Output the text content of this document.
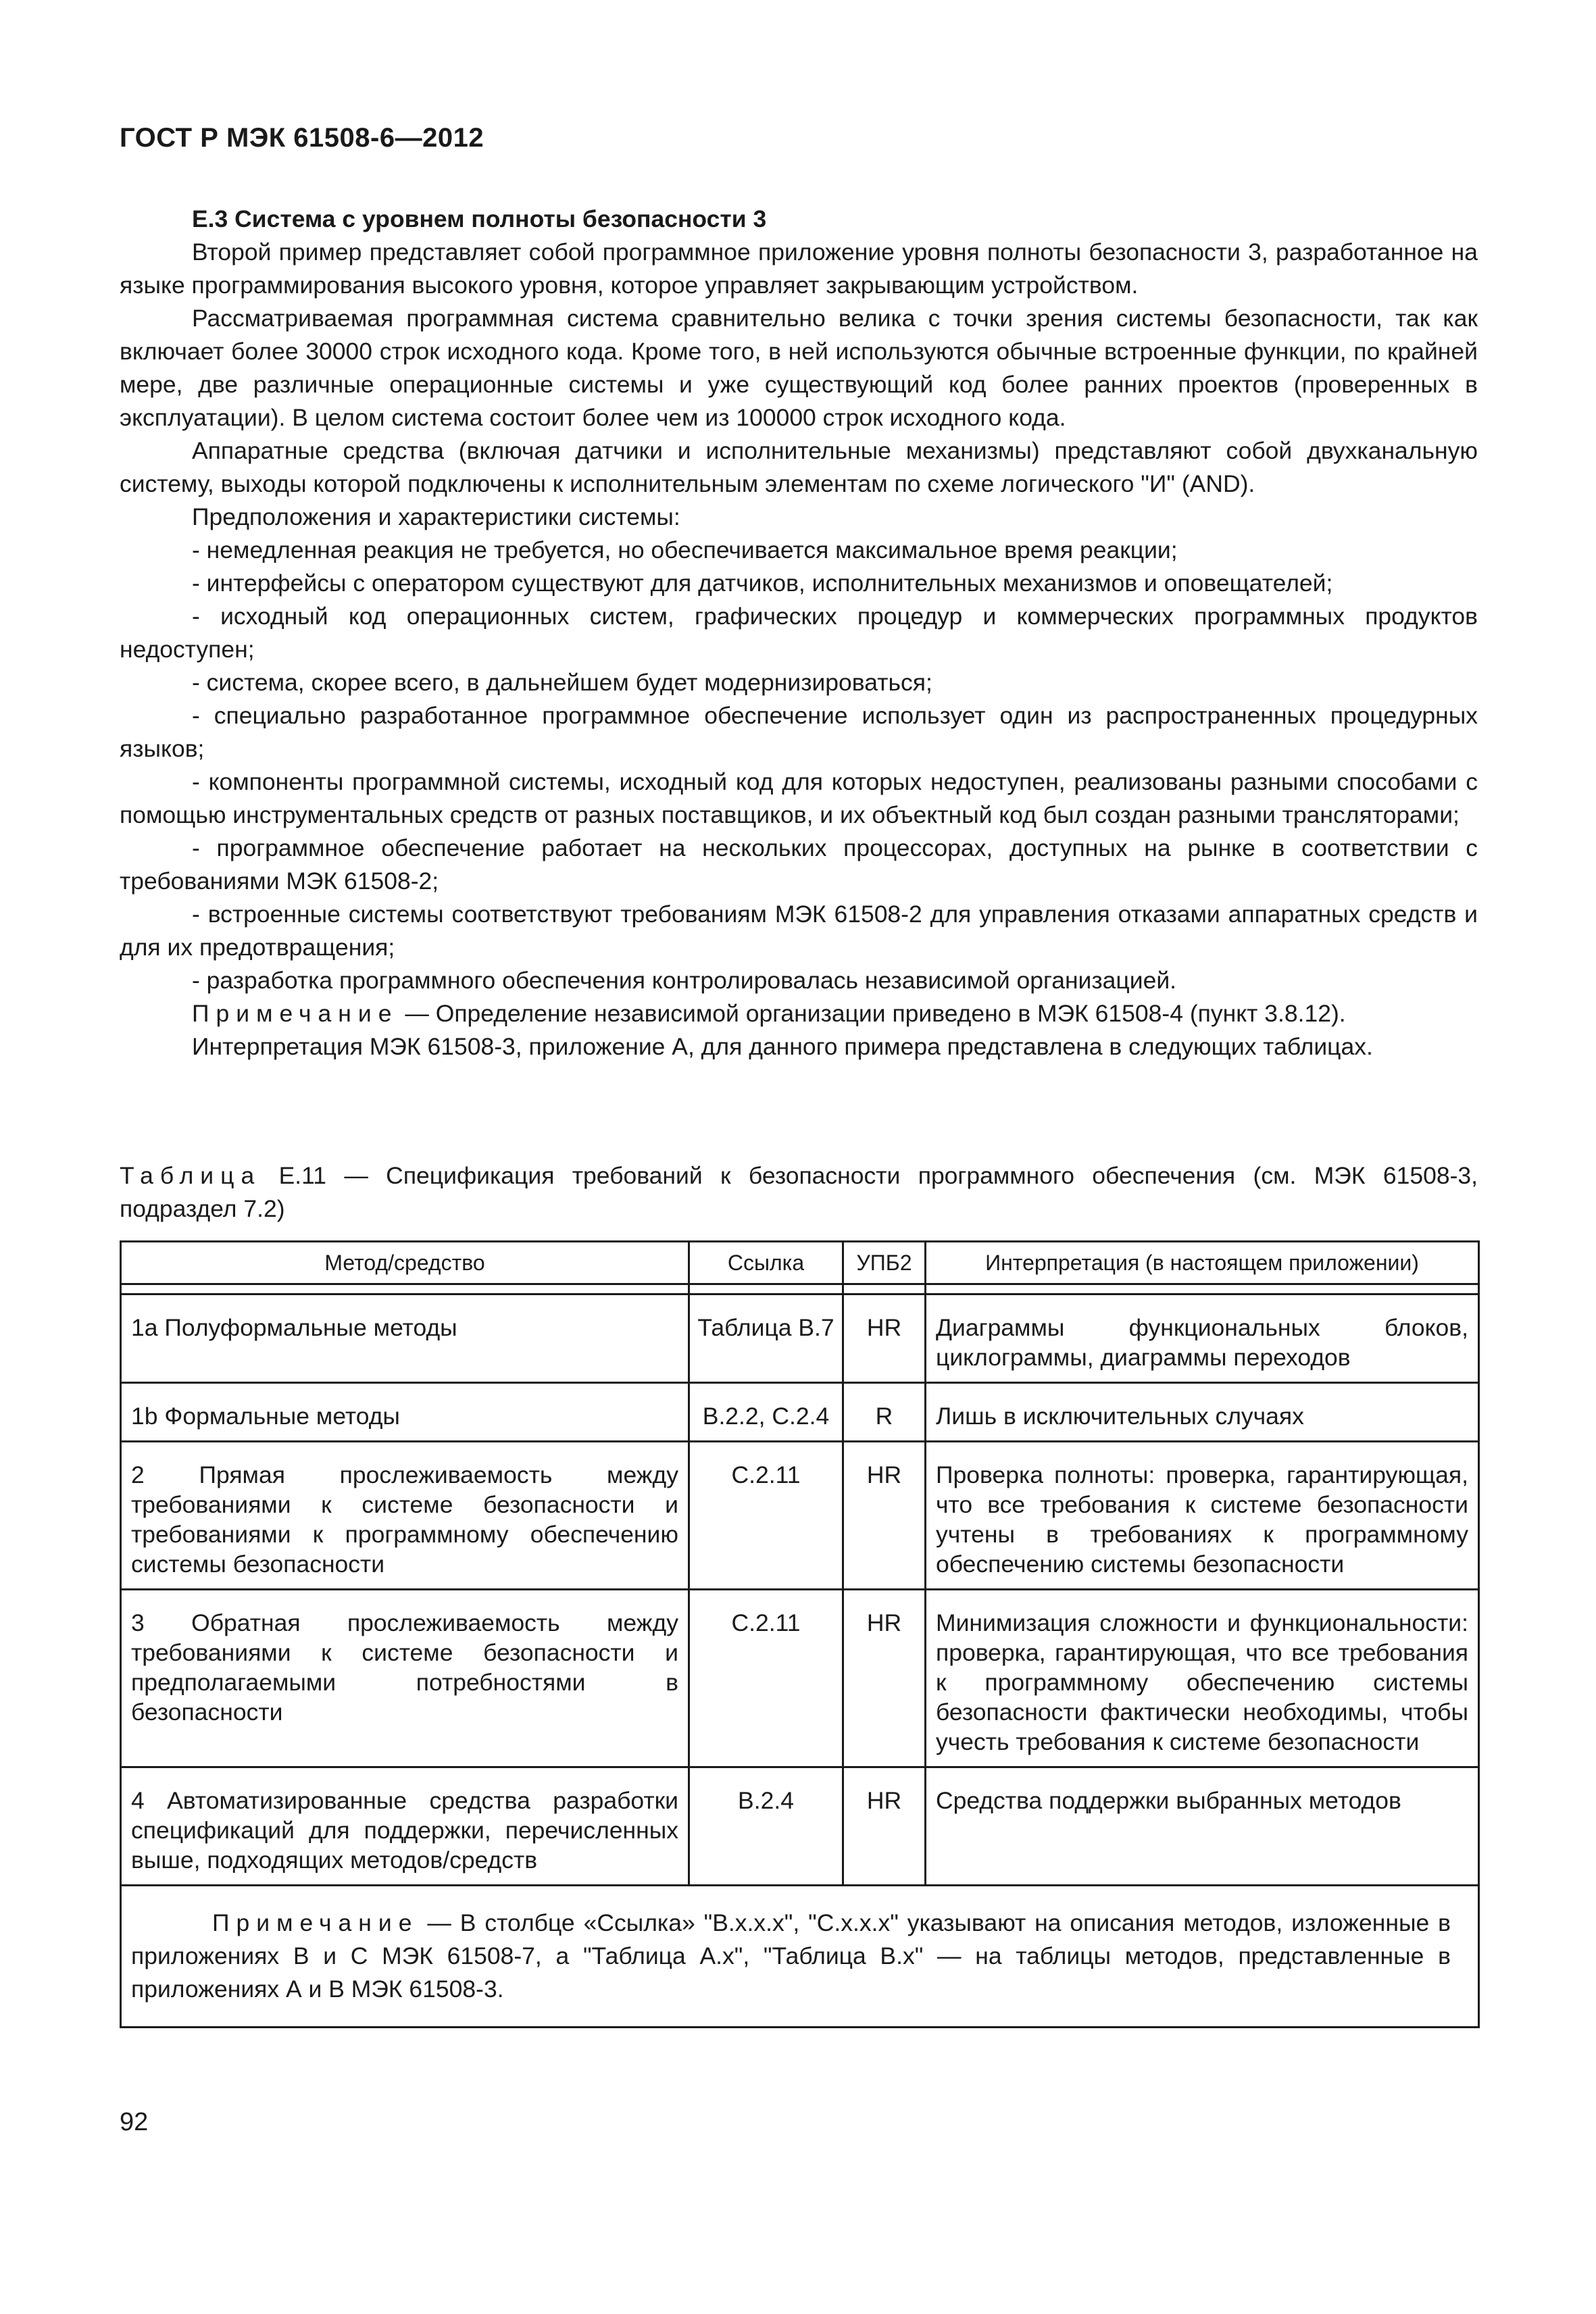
ГОСТ Р МЭК 61508-6—2012

Е.3 Система с уровнем полноты безопасности 3

Второй пример представляет собой программное приложение уровня полноты безопасности 3, разработанное на языке программирования высокого уровня, которое управляет закрывающим устройством.

Рассматриваемая программная система сравнительно велика с точки зрения системы безопасности, так как включает более 30000 строк исходного кода. Кроме того, в ней используются обычные встроенные функции, по крайней мере, две различные операционные системы и уже существующий код более ранних проектов (проверенных в эксплуатации). В целом система состоит более чем из 100000 строк исходного кода.

Аппаратные средства (включая датчики и исполнительные механизмы) представляют собой двухканальную систему, выходы которой подключены к исполнительным элементам по схеме логического "И" (AND).

Предположения и характеристики системы:

- немедленная реакция не требуется, но обеспечивается максимальное время реакции;

- интерфейсы с оператором существуют для датчиков, исполнительных механизмов и оповещателей;

- исходный код операционных систем, графических процедур и коммерческих программных продуктов недоступен;

- система, скорее всего, в дальнейшем будет модернизироваться;

- специально разработанное программное обеспечение использует один из распространенных процедурных языков;

- компоненты программной системы, исходный код для которых недоступен, реализованы разными способами с помощью инструментальных средств от разных поставщиков, и их объектный код был создан разными трансляторами;

- программное обеспечение работает на нескольких процессорах, доступных на рынке в соответствии с требованиями МЭК 61508-2;

- встроенные системы соответствуют требованиям МЭК 61508-2 для управления отказами аппаратных средств и для их предотвращения;

- разработка программного обеспечения контролировалась независимой организацией.

Примечание — Определение независимой организации приведено в МЭК 61508-4 (пункт 3.8.12).

Интерпретация МЭК 61508-3, приложение А, для данного примера представлена в следующих таблицах.

Таблица Е.11 — Спецификация требований к безопасности программного обеспечения (см. МЭК 61508-3, подраздел 7.2)
Метод/средство	Ссылка	УПБ2	Интерпретация (в настоящем приложении)

1а Полуформальные методы	Таблица В.7	HR	Диаграммы функциональных блоков, циклограммы, диаграммы переходов
1b Формальные методы	В.2.2, С.2.4	R	Лишь в исключительных случаях
2 Прямая прослеживаемость между требованиями к системе безопасности и требованиями к программному обеспечению системы безопасности	С.2.11	HR	Проверка полноты: проверка, гарантирующая, что все требования к системе безопасности учтены в требованиях к программному обеспечению системы безопасности
3 Обратная прослеживаемость между требованиями к системе безопасности и предполагаемыми потребностями в безопасности	С.2.11	HR	Минимизация сложности и функциональности: проверка, гарантирующая, что все требования к программному обеспечению системы безопасности фактически необходимы, чтобы учесть требования к системе безопасности
4 Автоматизированные средства разработки спецификаций для поддержки, перечисленных выше, подходящих методов/средств	В.2.4	HR	Средства поддержки выбранных методов

Примечание — В столбце «Ссылка» "В.х.х.х", "С.х.х.х" указывают на описания методов, изложенные в приложениях В и С МЭК 61508-7, а "Таблица А.х", "Таблица В.х" — на таблицы методов, представленные в приложениях А и В МЭК 61508-3.			
92
